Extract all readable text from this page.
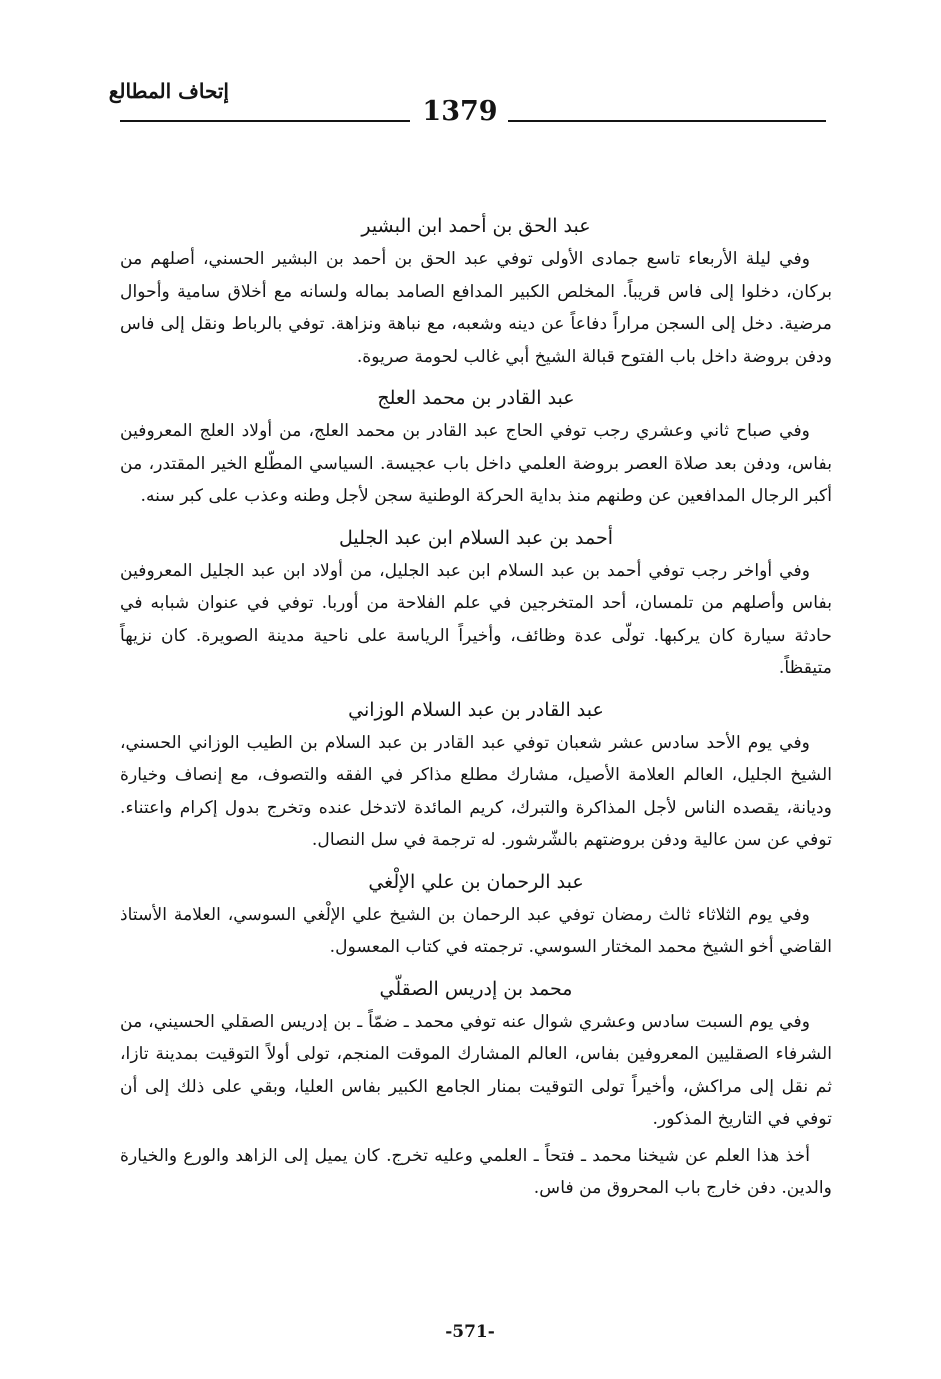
إتحاف المطالع
1379
عبد الحق بن أحمد ابن البشير

وفي ليلة الأربعاء تاسع جمادى الأولى توفي عبد الحق بن أحمد بن البشير الحسني، أصلهم من بركان، دخلوا إلى فاس قريباً. المخلص الكبير المدافع الصامد بماله ولسانه مع أخلاق سامية وأحوال مرضية. دخل إلى السجن مراراً دفاعاً عن دينه وشعبه، مع نباهة ونزاهة. توفي بالرباط ونقل إلى فاس ودفن بروضة داخل باب الفتوح قبالة الشيخ أبي غالب لحومة صريوة.

عبد القادر بن محمد العلج

وفي صباح ثاني وعشري رجب توفي الحاج عبد القادر بن محمد العلج، من أولاد العلج المعروفين بفاس، ودفن بعد صلاة العصر بروضة العلمي داخل باب عجيسة. السياسي المطّلع الخير المقتدر، من أكبر الرجال المدافعين عن وطنهم منذ بداية الحركة الوطنية سجن لأجل وطنه وعذب على كبر سنه.

أحمد بن عبد السلام ابن عبد الجليل

وفي أواخر رجب توفي أحمد بن عبد السلام ابن عبد الجليل، من أولاد ابن عبد الجليل المعروفين بفاس وأصلهم من تلمسان، أحد المتخرجين في علم الفلاحة من أوربا. توفي في عنوان شبابه في حادثة سيارة كان يركبها. تولّى عدة وظائف، وأخيراً الرياسة على ناحية مدينة الصويرة. كان نزيهاً متيقظاً.

عبد القادر بن عبد السلام الوزاني

وفي يوم الأحد سادس عشر شعبان توفي عبد القادر بن عبد السلام بن الطيب الوزاني الحسني، الشيخ الجليل، العالم العلامة الأصيل، مشارك مطلع مذاكر في الفقه والتصوف، مع إنصاف وخيارة وديانة، يقصده الناس لأجل المذاكرة والتبرك، كريم المائدة لاتدخل عنده وتخرج بدول إكرام واعتناء. توفي عن سن عالية ودفن بروضتهم بالشّرشور. له ترجمة في سل النصال.

عبد الرحمان بن علي الإلْغي

وفي يوم الثلاثاء ثالث رمضان توفي عبد الرحمان بن الشيخ علي الإلْغي السوسي، العلامة الأستاذ القاضي أخو الشيخ محمد المختار السوسي. ترجمته في كتاب المعسول.

محمد بن إدريس الصقلّي

وفي يوم السبت سادس وعشري شوال عنه توفي محمد ـ ضمّاً ـ بن إدريس الصقلي الحسيني، من الشرفاء الصقليين المعروفين بفاس، العالم المشارك الموقت المنجم، تولى أولاً التوقيت بمدينة تازا، ثم نقل إلى مراكش، وأخيراً تولى التوقيت بمنار الجامع الكبير بفاس العليا، وبقي على ذلك إلى أن توفي في التاريخ المذكور.

أخذ هذا العلم عن شيخنا محمد ـ فتحاً ـ العلمي وعليه تخرج. كان يميل إلى الزاهد والورع والخيارة والدين. دفن خارج باب المحروق من فاس.

-571-
